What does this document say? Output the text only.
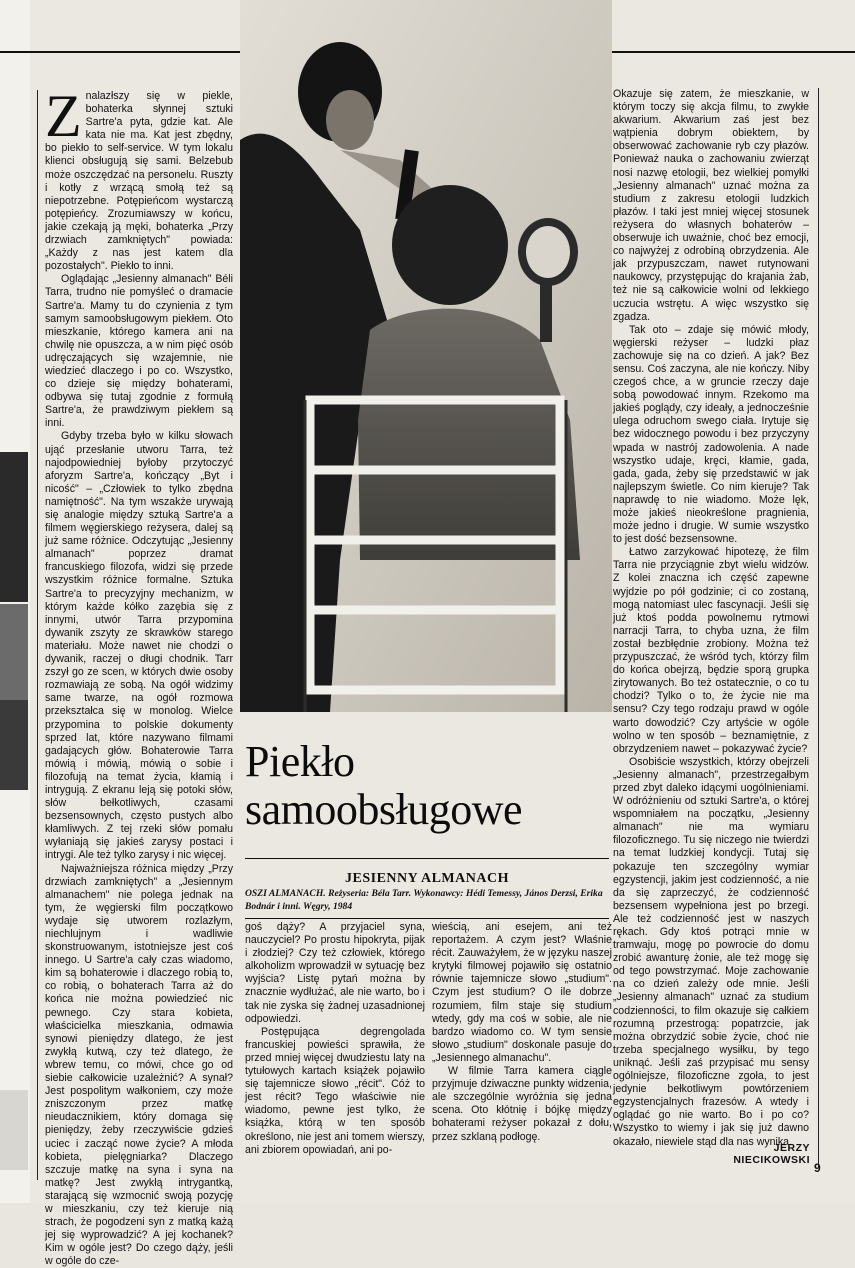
Znalazłszy się w piekle, bohaterka słynnej sztuki Sartre'a pyta, gdzie kat. Ale kata nie ma. Kat jest zbędny, bo piekło to self-service. W tym lokalu klienci obsługują się sami. Belzebub może oszczędzać na personelu. Ruszty i kotły z wrzącą smołą też są niepotrzebne. Potępieńcom wystarczą potępieńcy. Zrozumiawszy w końcu, jakie czekają ją męki, bohaterka „Przy drzwiach zamkniętych" powiada: „Każdy z nas jest katem dla pozostałych". Piekło to inni.

Oglądając „Jesienny almanach" Béli Tarra, trudno nie pomyśleć o dramacie Sartre'a. Mamy tu do czynienia z tym samym samoobsługowym piekłem. Oto mieszkanie, którego kamera ani na chwilę nie opuszcza, a w nim pięć osób udręczających się wzajemnie, nie wiedzieć dlaczego i po co. Wszystko, co dzieje się między bohaterami, odbywa się tutaj zgodnie z formułą Sartre'a, że prawdziwym piekłem są inni.

Gdyby trzeba było w kilku słowach ująć przesłanie utworu Tarra, też najodpowiedniej byłoby przytoczyć aforyzm Sartre'a, kończący „Byt i nicość" – „Człowiek to tylko zbędna namiętność". Na tym wszakże urywają się analogie między sztuką Sartre'a a filmem węgierskiego reżysera, dalej są już same różnice. Odczytując „Jesienny almanach" poprzez dramat francuskiego filozofa, widzi się przede wszystkim różnice formalne. Sztuka Sartre'a to precyzyjny mechanizm, w którym każde kółko zazębia się z innymi, utwór Tarra przypomina dywanik zszyty ze skrawków starego materiału. Może nawet nie chodzi o dywanik, raczej o długi chodnik. Tarr zszył go ze scen, w których dwie osoby rozmawiają ze sobą. Na ogół widzimy same twarze, na ogół rozmowa przekształca się w monolog. Wielce przypomina to polskie dokumenty sprzed lat, które nazywano filmami gadających głów. Bohaterowie Tarra mówią i mówią, mówią o sobie i filozofują na temat życia, kłamią i intrygują. Z ekranu leją się potoki słów, słów bełkotliwych, czasami bezsensownych, często pustych albo kłamliwych. Z tej rzeki słów pomału wyłaniają się jakieś zarysy postaci i intrygi. Ale też tylko zarysy i nic więcej.

Najważniejsza różnica między „Przy drzwiach zamkniętych" a „Jesiennym almanachem" nie polega jednak na tym, że węgierski film początkowo wydaje się utworem rozlazłym, niechlujnym i wadliwie skonstruowanym, istotniejsze jest coś innego. U Sartre'a cały czas wiadomo, kim są bohaterowie i dlaczego robią to, co robią, o bohaterach Tarra aż do końca nie można powiedzieć nic pewnego. Czy stara kobieta, właścicielka mieszkania, odmawia synowi pieniędzy dlatego, że jest zwykłą kutwą, czy też dlatego, że wbrew temu, co mówi, chce go od siebie całkowicie uzależnić? A synał? Jest pospolitym wałkoniem, czy może zniszczonym przez matkę nieudacznikiem, który domaga się pieniędzy, żeby rzeczywiście gdzieś uciec i zacząć nowe życie? A młoda kobieta, pielęgniarka? Dlaczego szczuje matkę na syna i syna na matkę? Jest zwykłą intrygantką, starającą się wzmocnić swoją pozycję w mieszkaniu, czy też kieruje nią strach, że pogodzeni syn z matką każą jej się wyprowadzić? A jej kochanek? Kim w ogóle jest? Do czego dąży, jeśli w ogóle do cze-

Piekło samoobsługowe
JESIENNY ALMANACH
OSZI ALMANACH. Reżyseria: Béla Tarr. Wykonawcy: Hédi Temessy, János Derzsi, Erika Bodnár i inni. Węgry, 1984

goś dąży? A przyjaciel syna, nauczyciel? Po prostu hipokryta, pijak i złodziej? Czy też człowiek, którego alkoholizm wprowadził w sytuację bez wyjścia? Listę pytań można by znacznie wydłużać, ale nie warto, bo i tak nie zyska się żadnej uzasadnionej odpowiedzi.

Postępująca degrengolada francuskiej powieści sprawiła, że przed mniej więcej dwudziestu laty na tytułowych kartach książek pojawiło się tajemnicze słowo „récit". Cóż to jest récit? Tego właściwie nie wiadomo, pewne jest tylko, że książka, którą w ten sposób określono, nie jest ani tomem wierszy, ani zbiorem opowiadań, ani po-

wieścią, ani esejem, ani też reportażem. A czym jest? Właśnie récit. Zauważyłem, że w języku naszej krytyki filmowej pojawiło się ostatnio równie tajemnicze słowo „studium". Czym jest studium? O ile dobrze rozumiem, film staje się studium wtedy, gdy ma coś w sobie, ale nie bardzo wiadomo co. W tym sensie słowo „studium" doskonale pasuje do „Jesiennego almanachu".

W filmie Tarra kamera ciągle przyjmuje dziwaczne punkty widzenia, ale szczególnie wyróżnia się jedna scena. Oto kłótnię i bójkę między bohaterami reżyser pokazał z dołu, przez szklaną podłogę.

Okazuje się zatem, że mieszkanie, w którym toczy się akcja filmu, to zwykłe akwarium. Akwarium zaś jest bez wątpienia dobrym obiektem, by obserwować zachowanie ryb czy płazów. Ponieważ nauka o zachowaniu zwierząt nosi nazwę etologii, bez wielkiej pomyłki „Jesienny almanach" uznać można za studium z zakresu etologii ludzkich płazów. I taki jest mniej więcej stosunek reżysera do własnych bohaterów – obserwuje ich uważnie, choć bez emocji, co najwyżej z odrobiną obrzydzenia. Ale jak przypuszczam, nawet rutynowani naukowcy, przystępując do krajania żab, też nie są całkowicie wolni od lekkiego uczucia wstrętu. A więc wszystko się zgadza.

Tak oto – zdaje się mówić młody, węgierski reżyser – ludzki płaz zachowuje się na co dzień. A jak? Bez sensu. Coś zaczyna, ale nie kończy. Niby czegoś chce, a w gruncie rzeczy daje sobą powodować innym. Rzekomo ma jakieś poglądy, czy ideały, a jednocześnie ulega odruchom swego ciała. Irytuje się bez widocznego powodu i bez przyczyny wpada w nastrój zadowolenia. A nade wszystko udaje, kręci, kłamie, gada, gada, gada, żeby się przedstawić w jak najlepszym świetle. Co nim kieruje? Tak naprawdę to nie wiadomo. Może lęk, może jakieś nieokreślone pragnienia, może jedno i drugie. W sumie wszystko to jest dość bezsensowne.

Łatwo zarzykować hipotezę, że film Tarra nie przyciągnie zbyt wielu widzów. Z kolei znaczna ich część zapewne wyjdzie po pół godzinie; ci co zostaną, mogą natomiast ulec fascynacji. Jeśli się już ktoś podda powolnemu rytmowi narracji Tarra, to chyba uzna, że film został bezbłędnie zrobiony. Można też przypuszczać, że wśród tych, którzy film do końca obejrzą, będzie sporą grupka zirytowanych. Bo też ostatecznie, o co tu chodzi? Tylko o to, że życie nie ma sensu? Czy tego rodzaju prawd w ogóle warto dowodzić? Czy artyście w ogóle wolno w ten sposób – beznamiętnie, z obrzydzeniem nawet – pokazywać życie?

Osobiście wszystkich, którzy obejrzeli „Jesienny almanach", przestrzegałbym przed zbyt daleko idącymi uogólnieniami. W odróżnieniu od sztuki Sartre'a, o której wspomniałem na początku, „Jesienny almanach" nie ma wymiaru filozoficznego. Tu się niczego nie twierdzi na temat ludzkiej kondycji. Tutaj się pokazuje ten szczególny wymiar egzystencji, jakim jest codzienność, a nie da się zaprzeczyć, że codzienność bezsensem wypełniona jest po brzegi. Ale też codzienność jest w naszych rękach. Gdy ktoś potrąci mnie w tramwaju, mogę po powrocie do domu zrobić awanturę żonie, ale też mogę się od tego powstrzymać. Moje zachowanie na co dzień zależy ode mnie. Jeśli „Jesienny almanach" uznać za studium codzienności, to film okazuje się całkiem rozumną przestrogą: popatrzcie, jak można obrzydzić sobie życie, choć nie trzeba specjalnego wysiłku, by tego uniknąć. Jeśli zaś przypisać mu sensy ogólniejsze, filozoficzne zgoła, to jest jedynie bełkotliwym powtórzeniem egzystencjalnych frazesów. A wtedy i oglądać go nie warto. Bo i po co? Wszystko to wiemy i jak się już dawno okazało, niewiele stąd dla nas wynika.

JERZY
NIECIKOWSKI
9
